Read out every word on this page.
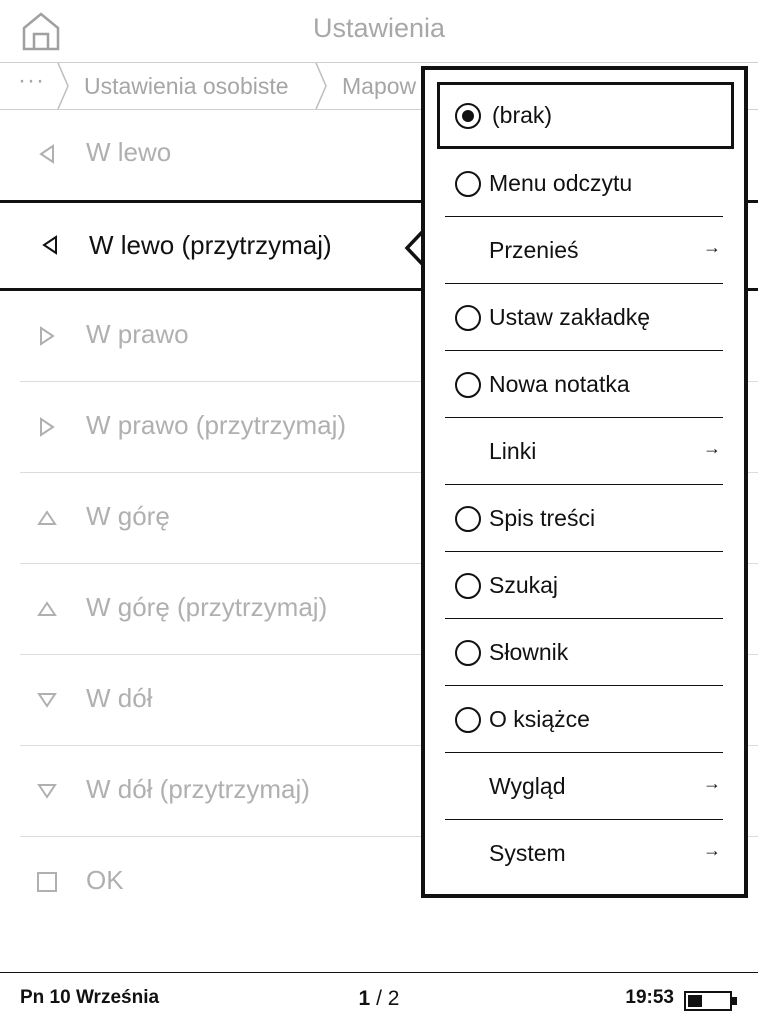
Ustawienia
··· Ustawienia osobiste Mapow
W lewo
W lewo (przytrzymaj)
W prawo
W prawo (przytrzymaj)
W górę
W górę (przytrzymaj)
W dół
W dół (przytrzymaj)
OK
(brak)
Menu odczytu
Przenieś	→
Ustaw zakładkę
Nowa notatka
Linki	→
Spis treści
Szukaj
Słownik
O książce
Wygląd	→
System	→
Pn 10 Września	1 / 2	19:53
